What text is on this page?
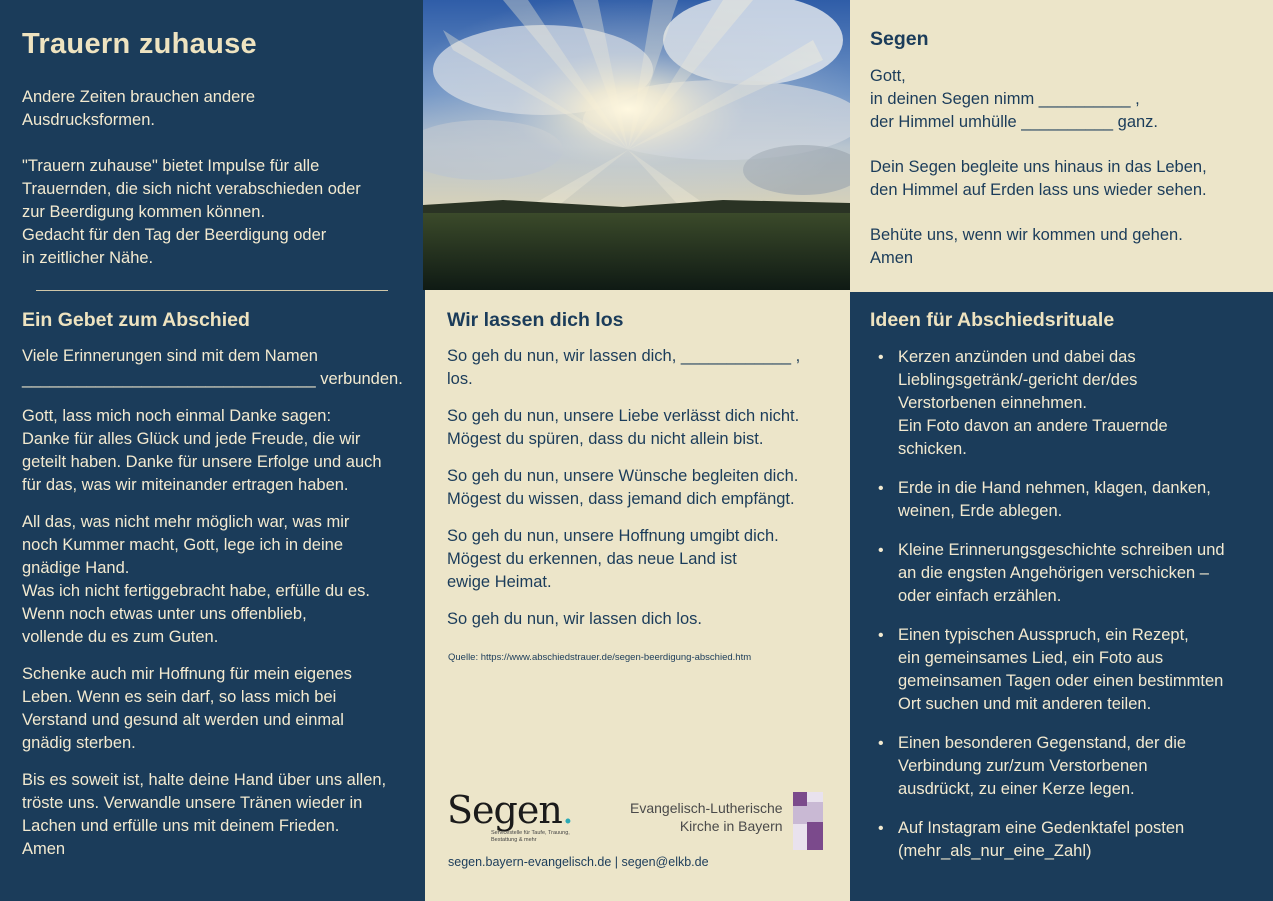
Trauern zuhause

Andere Zeiten brauchen andere
Ausdrucksformen.

"Trauern zuhause" bietet Impulse für alle
Trauernden, die sich nicht verabschieden oder
zur Beerdigung kommen können.
Gedacht für den Tag der Beerdigung oder
in zeitlicher Nähe.

Segen

Gott,
in deinen Segen nimm __________ ,
der Himmel umhülle __________ ganz.

Dein Segen begleite uns hinaus in das Leben,
den Himmel auf Erden lass uns wieder sehen.

Behüte uns, wenn wir kommen und gehen.
Amen

Ein Gebet zum Abschied

Viele Erinnerungen sind mit dem Namen
________________________________ verbunden.

Gott, lass mich noch einmal Danke sagen:
Danke für alles Glück und jede Freude, die wir
geteilt haben. Danke für unsere Erfolge und auch
für das, was wir miteinander ertragen haben.

All das, was nicht mehr möglich war, was mir
noch Kummer macht, Gott, lege ich in deine
gnädige Hand.
Was ich nicht fertiggebracht habe, erfülle du es.
Wenn noch etwas unter uns offenblieb,
vollende du es zum Guten.

Schenke auch mir Hoffnung für mein eigenes
Leben. Wenn es sein darf, so lass mich bei
Verstand und gesund alt werden und einmal
gnädig sterben.

Bis es soweit ist, halte deine Hand über uns allen,
tröste uns. Verwandle unsere Tränen wieder in
Lachen und erfülle uns mit deinem Frieden.
Amen

Wir lassen dich los

So geh du nun, wir lassen dich, ____________ ,
los.

So geh du nun, unsere Liebe verlässt dich nicht.
Mögest du spüren, dass du nicht allein bist.

So geh du nun, unsere Wünsche begleiten dich.
Mögest du wissen, dass jemand dich empfängt.

So geh du nun, unsere Hoffnung umgibt dich.
Mögest du erkennen, das neue Land ist
ewige Heimat.

So geh du nun, wir lassen dich los.

Quelle: https://www.abschiedstrauer.de/segen-beerdigung-abschied.htm
Segen.
Servicestelle für Taufe, Trauung, Bestattung & mehr
Evangelisch-Lutherische
Kirche in Bayern
segen.bayern-evangelisch.de | segen@elkb.de
Ideen für Abschiedsrituale
• Kerzen anzünden und dabei das
Lieblingsgetränk/-gericht der/des
Verstorbenen einnehmen.
Ein Foto davon an andere Trauernde
schicken.
• Erde in die Hand nehmen, klagen, danken,
weinen, Erde ablegen.
• Kleine Erinnerungsgeschichte schreiben und
an die engsten Angehörigen verschicken –
oder einfach erzählen.
• Einen typischen Ausspruch, ein Rezept,
ein gemeinsames Lied, ein Foto aus
gemeinsamen Tagen oder einen bestimmten
Ort suchen und mit anderen teilen.
• Einen besonderen Gegenstand, der die
Verbindung zur/zum Verstorbenen
ausdrückt, zu einer Kerze legen.
• Auf Instagram eine Gedenktafel posten
(mehr_als_nur_eine_Zahl)
